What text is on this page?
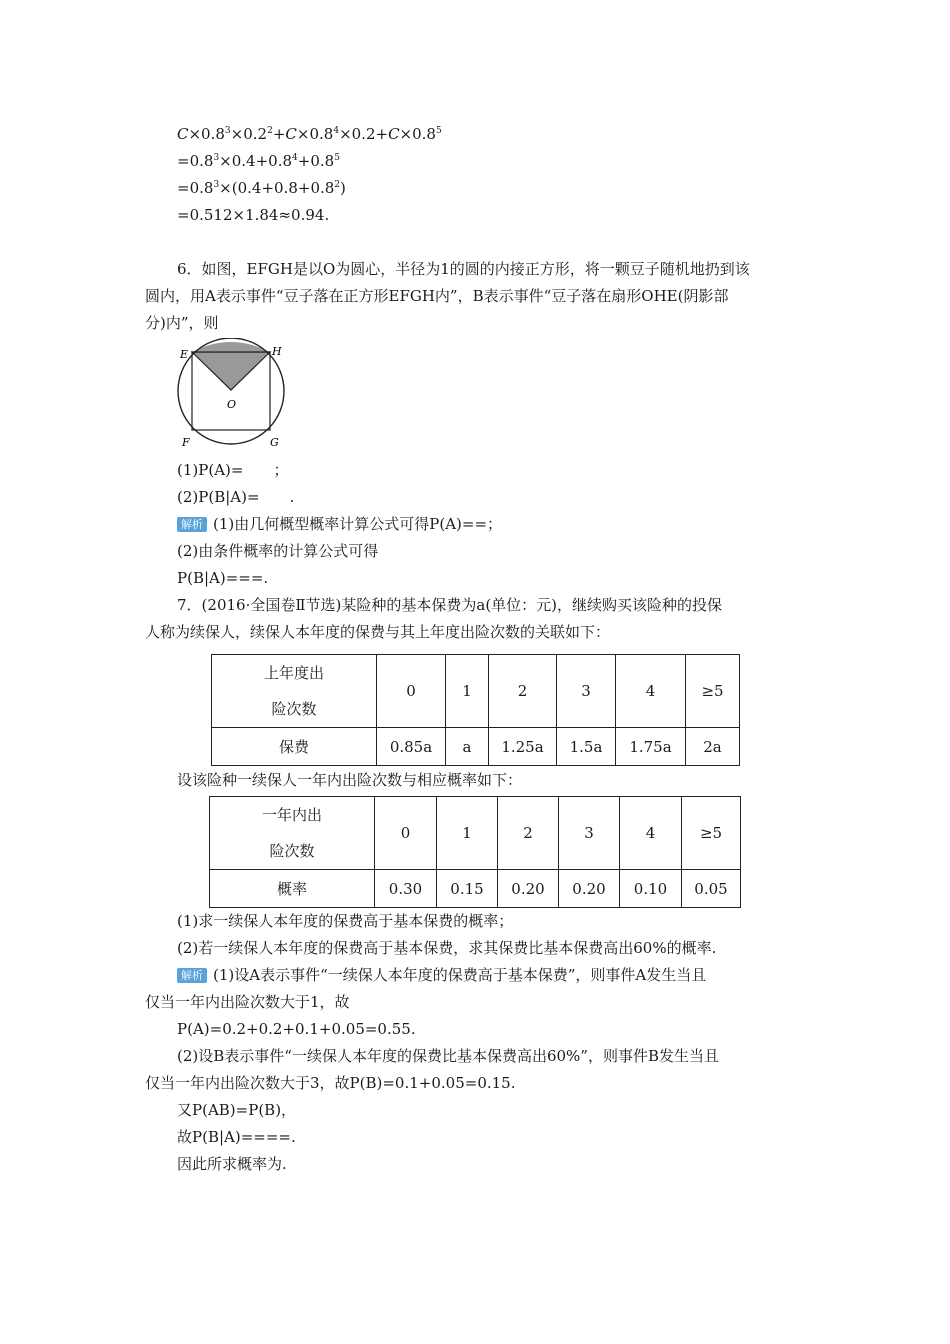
$C\times 0.8^3\times 0.2^2+C\times 0.8^4\times 0.2+C\times 0.8^5$
$=0.8^3\times 0.4+0.8^4+0.8^5$
$=0.8^3\times(0.4+0.8+0.8^2)$
=0.512×1.84≈0.94.
6．如图，EFGH是以O为圆心，半径为1的圆的内接正方形，将一颗豆子随机地扔到该
圆内，用A表示事件“豆子落在正方形EFGH内”，B表示事件“豆子落在扇形OHE(阴影部
分)内”，则
E	H
O
F	G
(1)P(A)=　　；
(2)P(B|A)=　　.
解析 (1)由几何概型概率计算公式可得P(A)==；
(2)由条件概率的计算公式可得
P(B|A)===.
7．(2016·全国卷Ⅱ节选)某险种的基本保费为a(单位：元)，继续购买该险种的投保
人称为续保人，续保人本年度的保费与其上年度出险次数的关联如下：
上年度出
险次数	0	1	2	3	4	≥5
保费	0.85a	a	1.25a	1.5a	1.75a	2a
设该险种一续保人一年内出险次数与相应概率如下：
一年内出
险次数	0	1	2	3	4	≥5
概率	0.30	0.15	0.20	0.20	0.10	0.05
(1)求一续保人本年度的保费高于基本保费的概率；
(2)若一续保人本年度的保费高于基本保费，求其保费比基本保费高出60%的概率.
解析 (1)设A表示事件“一续保人本年度的保费高于基本保费”，则事件A发生当且
仅当一年内出险次数大于1，故
P(A)=0.2+0.2+0.1+0.05=0.55.
(2)设B表示事件“一续保人本年度的保费比基本保费高出60%”，则事件B发生当且
仅当一年内出险次数大于3，故P(B)=0.1+0.05=0.15.
又P(AB)=P(B)，
故P(B|A)====.
因此所求概率为.
